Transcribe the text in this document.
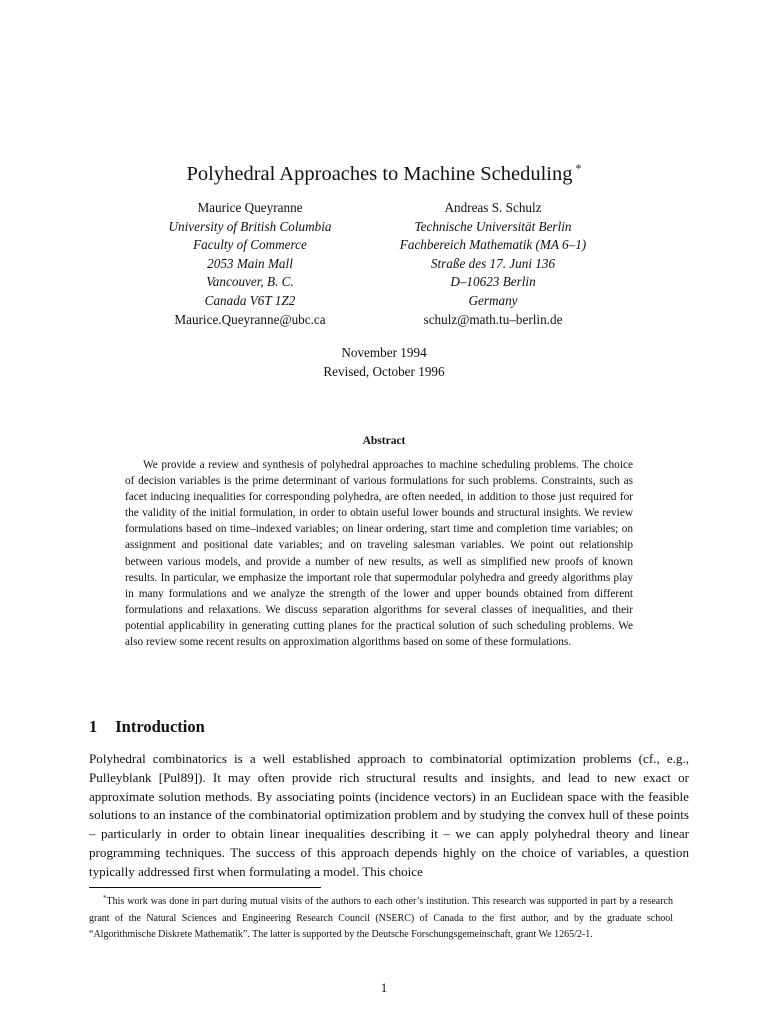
Polyhedral Approaches to Machine Scheduling *
Maurice Queyranne
University of British Columbia
Faculty of Commerce
2053 Main Mall
Vancouver, B. C.
Canada V6T 1Z2
Maurice.Queyranne@ubc.ca
Andreas S. Schulz
Technische Universität Berlin
Fachbereich Mathematik (MA 6–1)
Straße des 17. Juni 136
D–10623 Berlin
Germany
schulz@math.tu–berlin.de
November 1994
Revised, October 1996
Abstract
We provide a review and synthesis of polyhedral approaches to machine scheduling problems. The choice of decision variables is the prime determinant of various formulations for such problems. Constraints, such as facet inducing inequalities for corresponding polyhedra, are often needed, in addition to those just required for the validity of the initial formulation, in order to obtain useful lower bounds and structural insights. We review formulations based on time–indexed variables; on linear ordering, start time and completion time variables; on assignment and positional date variables; and on traveling salesman variables. We point out relationship between various models, and provide a number of new results, as well as simplified new proofs of known results. In particular, we emphasize the important role that supermodular polyhedra and greedy algorithms play in many formulations and we analyze the strength of the lower and upper bounds obtained from different formulations and relaxations. We discuss separation algorithms for several classes of inequalities, and their potential applicability in generating cutting planes for the practical solution of such scheduling problems. We also review some recent results on approximation algorithms based on some of these formulations.
1 Introduction
Polyhedral combinatorics is a well established approach to combinatorial optimization problems (cf., e.g., Pulleyblank [Pul89]). It may often provide rich structural results and insights, and lead to new exact or approximate solution methods. By associating points (incidence vectors) in an Euclidean space with the feasible solutions to an instance of the combinatorial optimization problem and by studying the convex hull of these points – particularly in order to obtain linear inequalities describing it – we can apply polyhedral theory and linear programming techniques. The success of this approach depends highly on the choice of variables, a question typically addressed first when formulating a model. This choice
*This work was done in part during mutual visits of the authors to each other’s institution. This research was supported in part by a research grant of the Natural Sciences and Engineering Research Council (NSERC) of Canada to the first author, and by the graduate school “Algorithmische Diskrete Mathematik”. The latter is supported by the Deutsche Forschungsgemeinschaft, grant We 1265/2-1.
1
